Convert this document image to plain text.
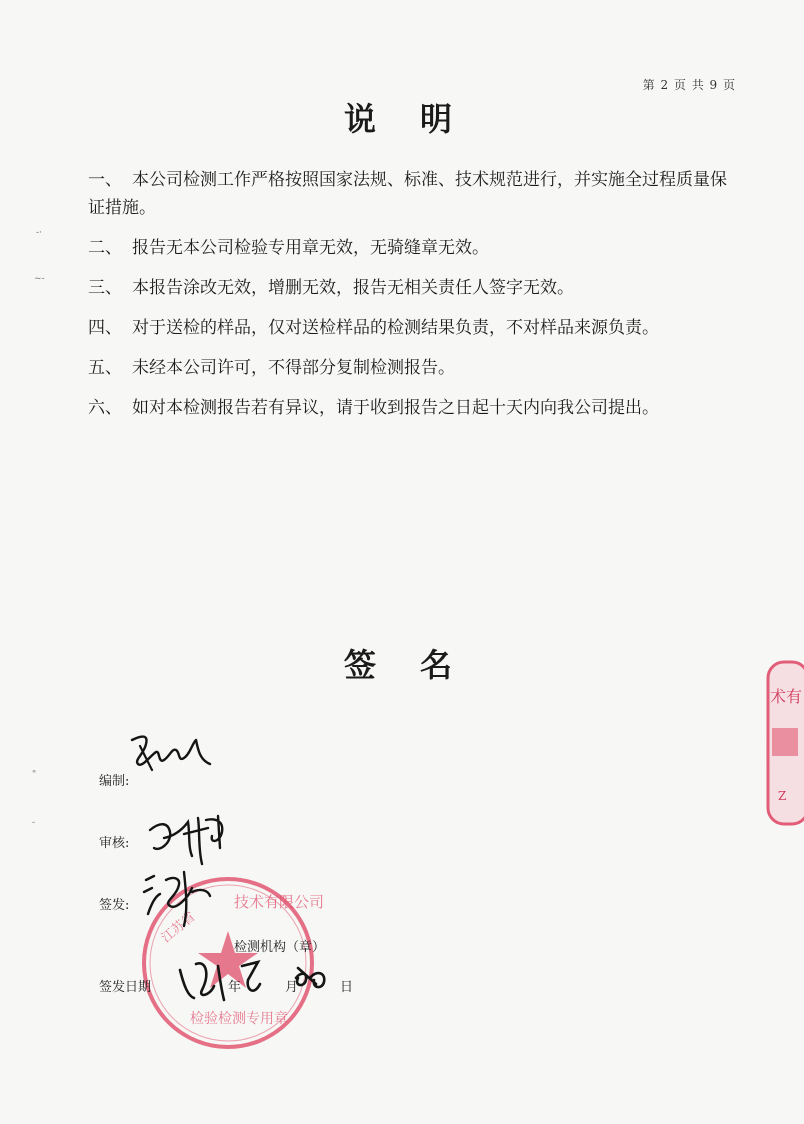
第 2 页 共 9 页
说明
一、 本公司检测工作严格按照国家法规、标准、技术规范进行，并实施全过程质量保证措施。
二、 报告无本公司检验专用章无效，无骑缝章无效。
三、 本报告涂改无效，增删无效，报告无相关责任人签字无效。
四、 对于送检的样品，仅对送检样品的检测结果负责，不对样品来源负责。
五、 未经本公司许可，不得部分复制检测报告。
六、 如对本检测报告若有异议，请于收到报告之日起十天内向我公司提出。
签名
江苏省
技术有限公司
检验检测专用章
术有
Z
编制:
审核:
签发:
检测机构（章）
签发日期	年	月	日
-·
~-
"
-
